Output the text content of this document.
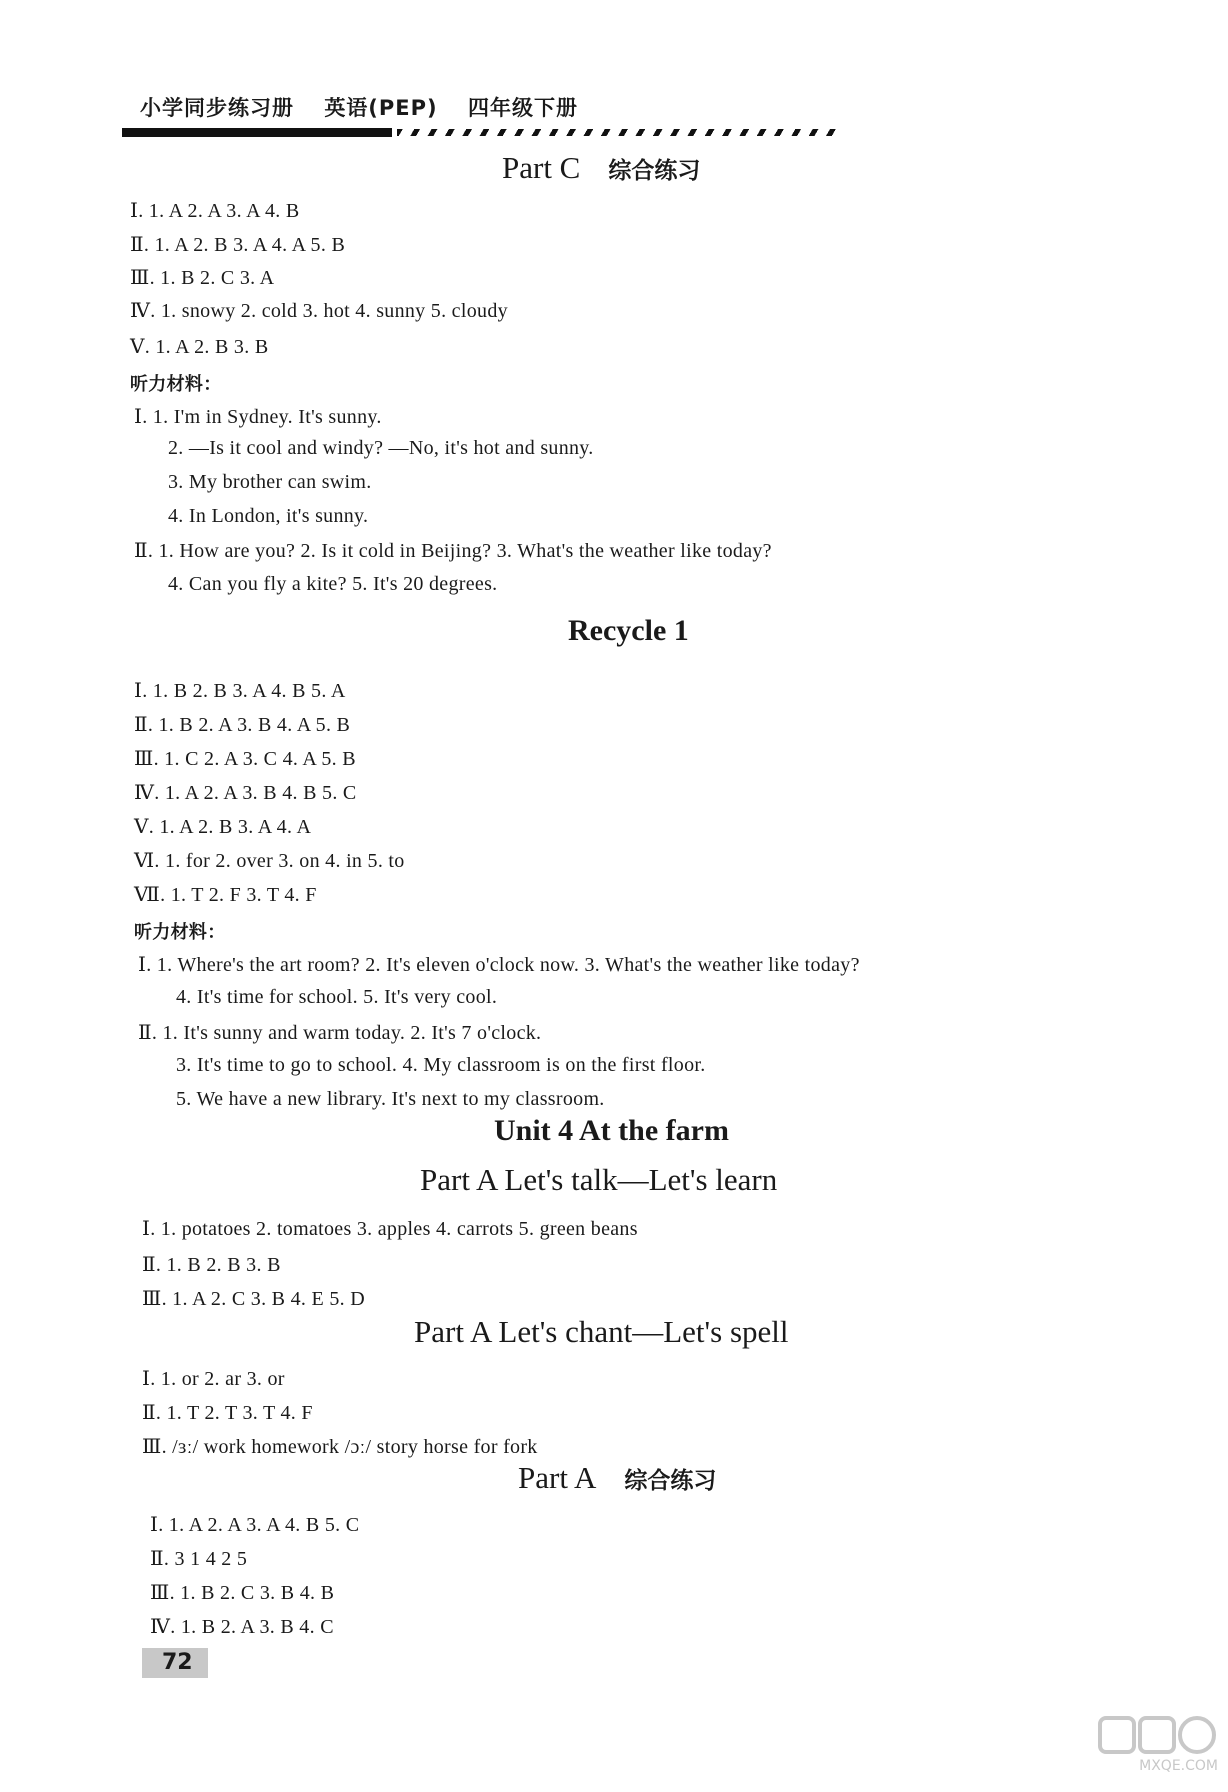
小学同步练习册 英语(PEP) 四年级下册
Part C 综合练习
Ⅰ. 1. A 2. A 3. A 4. B
Ⅱ. 1. A 2. B 3. A 4. A 5. B
Ⅲ. 1. B 2. C 3. A
Ⅳ. 1. snowy 2. cold 3. hot 4. sunny 5. cloudy
Ⅴ. 1. A 2. B 3. B
听力材料：
Ⅰ. 1. I'm in Sydney. It's sunny.
2. —Is it cool and windy? —No, it's hot and sunny.
3. My brother can swim.
4. In London, it's sunny.
Ⅱ. 1. How are you? 2. Is it cold in Beijing? 3. What's the weather like today?
4. Can you fly a kite? 5. It's 20 degrees.
Recycle 1
Ⅰ. 1. B 2. B 3. A 4. B 5. A
Ⅱ. 1. B 2. A 3. B 4. A 5. B
Ⅲ. 1. C 2. A 3. C 4. A 5. B
Ⅳ. 1. A 2. A 3. B 4. B 5. C
Ⅴ. 1. A 2. B 3. A 4. A
Ⅵ. 1. for 2. over 3. on 4. in 5. to
Ⅶ. 1. T 2. F 3. T 4. F
听力材料：
Ⅰ. 1. Where's the art room? 2. It's eleven o'clock now. 3. What's the weather like today?
4. It's time for school. 5. It's very cool.
Ⅱ. 1. It's sunny and warm today. 2. It's 7 o'clock.
3. It's time to go to school. 4. My classroom is on the first floor.
5. We have a new library. It's next to my classroom.
Unit 4 At the farm
Part A Let's talk—Let's learn
Ⅰ. 1. potatoes 2. tomatoes 3. apples 4. carrots 5. green beans
Ⅱ. 1. B 2. B 3. B
Ⅲ. 1. A 2. C 3. B 4. E 5. D
Part A Let's chant—Let's spell
Ⅰ. 1. or 2. ar 3. or
Ⅱ. 1. T 2. T 3. T 4. F
Ⅲ. /ɜː/ work homework /ɔː/ story horse for fork
Part A 综合练习
Ⅰ. 1. A 2. A 3. A 4. B 5. C
Ⅱ. 3 1 4 2 5
Ⅲ. 1. B 2. C 3. B 4. B
Ⅳ. 1. B 2. A 3. B 4. C
72
MXQE.COM
